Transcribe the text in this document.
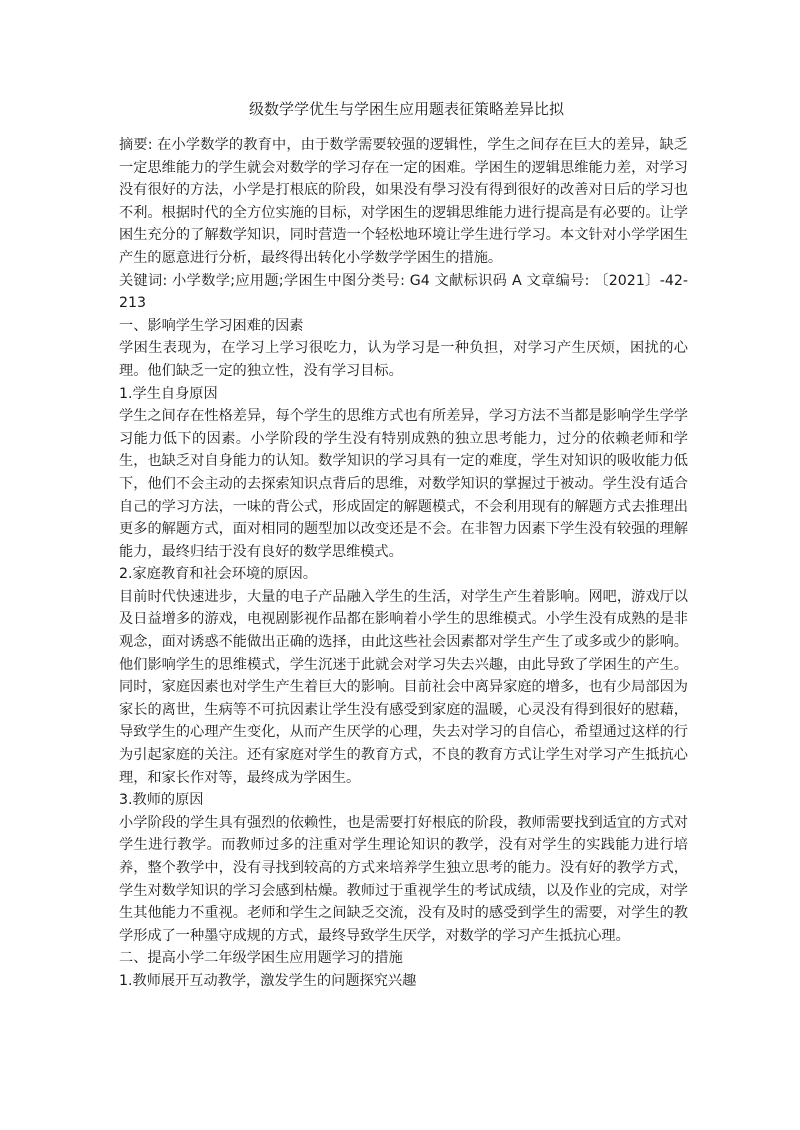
级数学学优生与学困生应用题表征策略差异比拟

摘要: 在小学数学的教育中，由于数学需要较强的逻辑性，学生之间存在巨大的差异，缺乏一定思维能力的学生就会对数学的学习存在一定的困难。学困生的逻辑思维能力差，对学习没有很好的方法，小学是打根底的阶段，如果没有學习没有得到很好的改善对日后的学习也不利。根据时代的全方位实施的目标，对学困生的逻辑思维能力进行提高是有必要的。让学困生充分的了解数学知识，同时营造一个轻松地环境让学生进行学习。本文针对小学学困生产生的愿意进行分析，最终得出转化小学数学学困生的措施。

关键词: 小学数学;应用题;学困生中图分类号: G4 文献标识码 A 文章编号: 〔2021〕-42-213

一、影响学生学习困难的因素

学困生表现为，在学习上学习很吃力，认为学习是一种负担，对学习产生厌烦，困扰的心理。他们缺乏一定的独立性，没有学习目标。

1.学生自身原因

学生之间存在性格差异，每个学生的思维方式也有所差异，学习方法不当都是影响学生学学习能力低下的因素。小学阶段的学生没有特别成熟的独立思考能力，过分的依赖老师和学生，也缺乏对自身能力的认知。数学知识的学习具有一定的难度，学生对知识的吸收能力低下，他们不会主动的去探索知识点背后的思维，对数学知识的掌握过于被动。学生没有适合自己的学习方法，一味的背公式，形成固定的解题模式，不会利用现有的解题方式去推理出更多的解题方式，面对相同的题型加以改变还是不会。在非智力因素下学生没有较强的理解能力，最终归结于没有良好的数学思维模式。

2.家庭教育和社会环境的原因。

目前时代快速进步，大量的电子产品融入学生的生活，对学生产生着影响。网吧，游戏厅以及日益增多的游戏，电视剧影视作品都在影响着小学生的思维模式。小学生没有成熟的是非观念，面对诱惑不能做出正确的选择，由此这些社会因素都对学生产生了或多或少的影响。他们影响学生的思维模式，学生沉迷于此就会对学习失去兴趣，由此导致了学困生的产生。同时，家庭因素也对学生产生着巨大的影响。目前社会中离异家庭的增多，也有少局部因为家长的离世，生病等不可抗因素让学生没有感受到家庭的温暖，心灵没有得到很好的慰藉，导致学生的心理产生变化，从而产生厌学的心理，失去对学习的自信心，希望通过这样的行为引起家庭的关注。还有家庭对学生的教育方式，不良的教育方式让学生对学习产生抵抗心理，和家长作对等，最终成为学困生。

3.教师的原因

小学阶段的学生具有强烈的依赖性，也是需要打好根底的阶段，教师需要找到适宜的方式对学生进行教学。而教师过多的注重对学生理论知识的教学，没有对学生的实践能力进行培养，整个教学中，没有寻找到较高的方式来培养学生独立思考的能力。没有好的教学方式，学生对数学知识的学习会感到枯燥。教师过于重视学生的考试成绩，以及作业的完成，对学生其他能力不重视。老师和学生之间缺乏交流，没有及时的感受到学生的需要，对学生的教学形成了一种墨守成规的方式，最终导致学生厌学，对数学的学习产生抵抗心理。

二、提高小学二年级学困生应用题学习的措施

1.教师展开互动教学，激发学生的问题探究兴趣
